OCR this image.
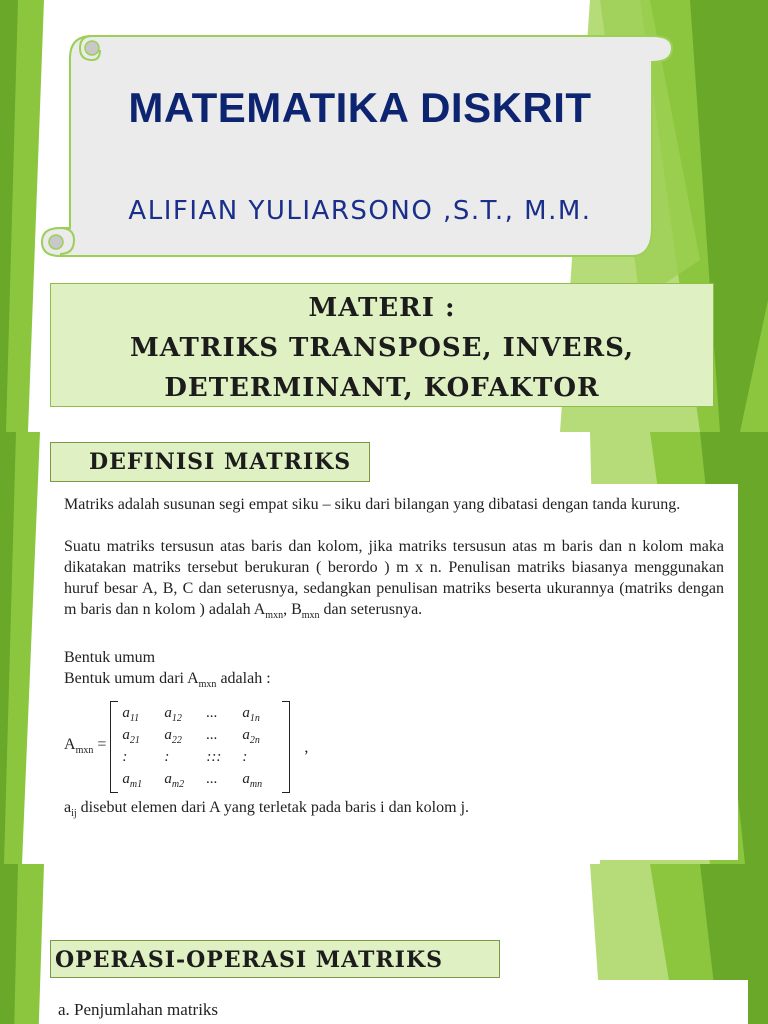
MATEMATIKA DISKRIT
ALIFIAN YULIARSONO ,S.T., M.M.
MATERI :
MATRIKS TRANSPOSE, INVERS,
DETERMINANT, KOFAKTOR
DEFINISI MATRIKS

Matriks adalah susunan segi empat siku – siku dari bilangan yang dibatasi dengan tanda kurung.

Suatu matriks tersusun atas baris dan kolom, jika matriks tersusun atas m baris dan n kolom maka dikatakan matriks tersebut berukuran ( berordo ) m x n. Penulisan matriks biasanya menggunakan huruf besar A, B, C dan seterusnya, sedangkan penulisan matriks beserta ukurannya (matriks dengan m baris dan n kolom ) adalah $A_{mxn}$, $B_{mxn}$ dan seterusnya.

Bentuk umum

Bentuk umum dari $A_{mxn}$ adalah :

$A_{mxn}$ =
$a_{11}$	$a_{12}$	...	$a_{1n}$
$a_{21}$	$a_{22}$	...	$a_{2n}$
:	:	:::	:
$a_{m1}$	$a_{m2}$	...	$a_{mn}$
,

$a_{ij}$ disebut elemen dari A yang terletak pada baris i dan kolom j.

OPERASI-OPERASI MATRIKS
a. Penjumlahan matriks
